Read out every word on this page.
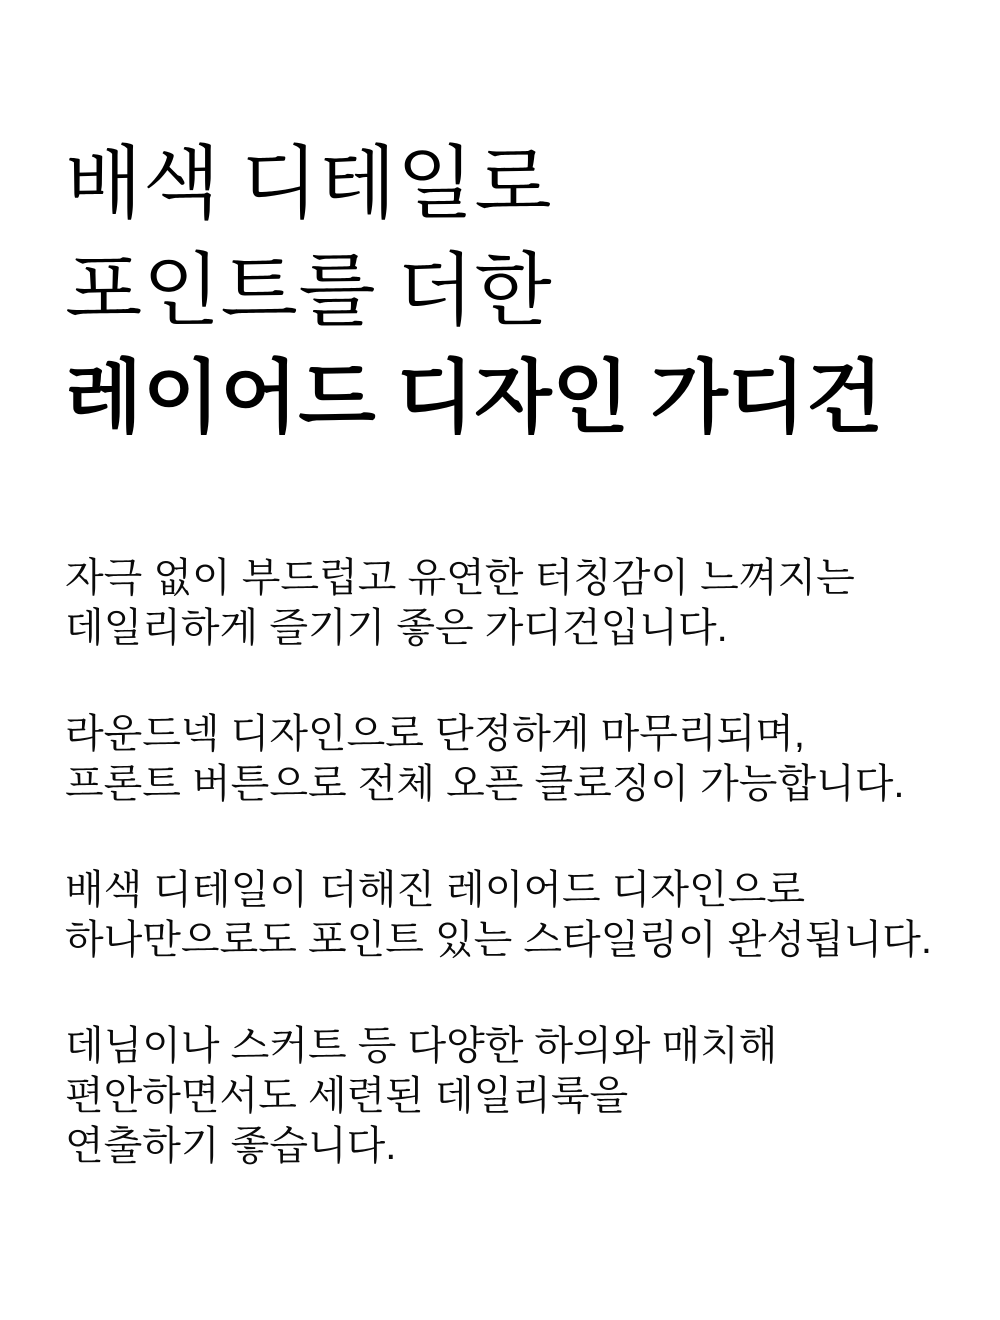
배색 디테일로
포인트를 더한
레이어드 디자인 가디건

자극 없이 부드럽고 유연한 터칭감이 느껴지는
데일리하게 즐기기 좋은 가디건입니다.

라운드넥 디자인으로 단정하게 마무리되며,
프론트 버튼으로 전체 오픈 클로징이 가능합니다.

배색 디테일이 더해진 레이어드 디자인으로
하나만으로도 포인트 있는 스타일링이 완성됩니다.

데님이나 스커트 등 다양한 하의와 매치해
편안하면서도 세련된 데일리룩을
연출하기 좋습니다.
